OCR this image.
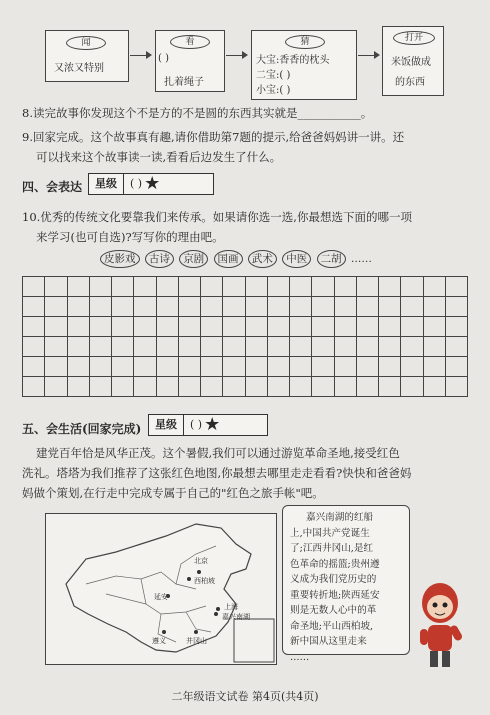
闻
又浓又特别
看
( )
扎着绳子
猜
大宝:香香的枕头
二宝:( )
小宝:( )
打开
米饭做成
的东西
8.读完故事你发现这个不是方的不是圆的东西其实就是___________。
9.回家完成。这个故事真有趣,请你借助第7题的提示,给爸爸妈妈讲一讲。还
可以找来这个故事读一读,看看后边发生了什么。
四、会表达	星级	( ) ★
10.优秀的传统文化要靠我们来传承。如果请你选一选,你最想选下面的哪一项
来学习(也可自选)?写写你的理由吧。
皮影戏 古诗 京剧 国画 武术 中医 二胡 ……

五、会生活(回家完成)	星级	( ) ★
建党百年恰是风华正茂。这个暑假,我们可以通过游览革命圣地,接受红色
洗礼。塔塔为我们推荐了这张红色地图,你最想去哪里走走看看?快快和爸爸妈
妈做个策划,在行走中完成专属于自己的"红色之旅手帐"吧。
北京
西柏坡
延安
上海
嘉兴南湖
遵义	井冈山
嘉兴南湖的红船
上,中国共产党诞生
了;江西井冈山,是红
色革命的摇篮;贵州遵
义成为我们党历史的
重要转折地;陕西延安
则是无数人心中的革
命圣地;平山西柏坡,
新中国从这里走来
……
二年级语文试卷 第4页(共4页)
